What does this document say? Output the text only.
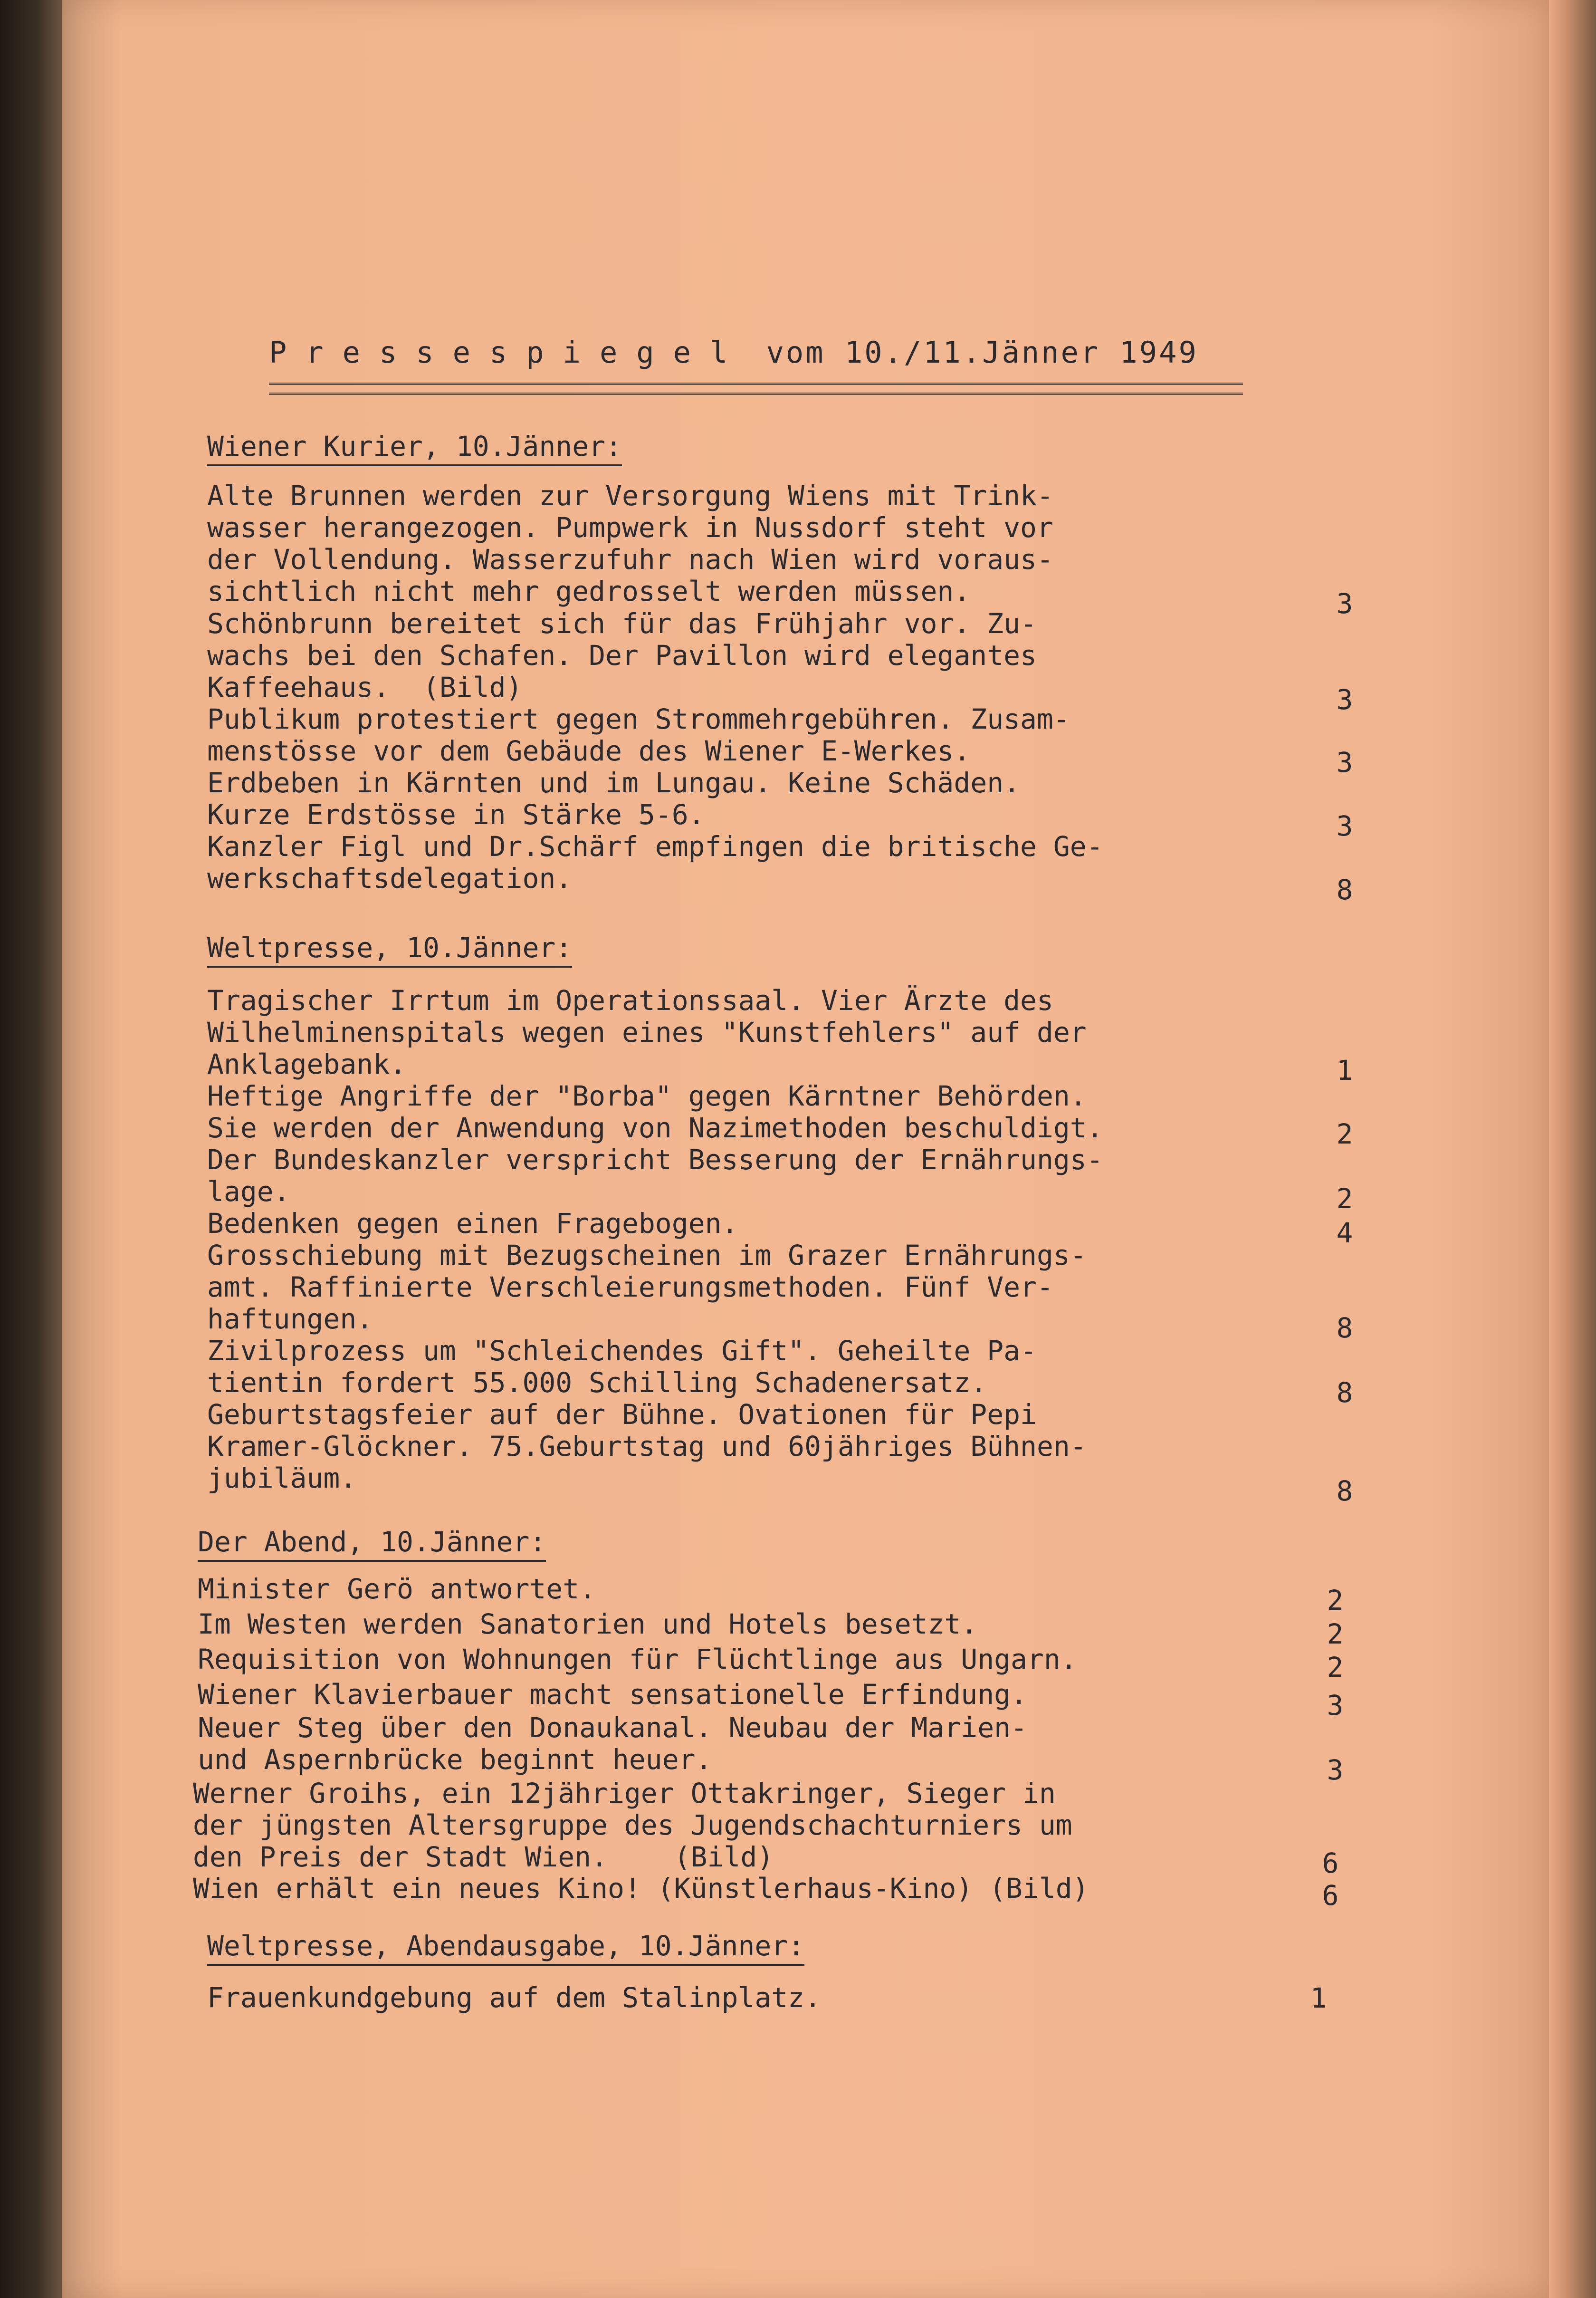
Pressespiegel vom 10./11.Jänner 1949
Wiener Kurier, 10.Jänner:
Alte Brunnen werden zur Versorgung Wiens mit Trink-
wasser herangezogen. Pumpwerk in Nussdorf steht vor
der Vollendung. Wasserzufuhr nach Wien wird voraus-
sichtlich nicht mehr gedrosselt werden müssen.	3
Schönbrunn bereitet sich für das Frühjahr vor. Zu-
wachs bei den Schafen. Der Pavillon wird elegantes
Kaffeehaus.  (Bild)	3
Publikum protestiert gegen Strommehrgebühren. Zusam-
menstösse vor dem Gebäude des Wiener E-Werkes.	3
Erdbeben in Kärnten und im Lungau. Keine Schäden.
Kurze Erdstösse in Stärke 5-6.	3
Kanzler Figl und Dr.Schärf empfingen die britische Ge-
werkschaftsdelegation.	8
Weltpresse, 10.Jänner:
Tragischer Irrtum im Operationssaal. Vier Ärzte des
Wilhelminenspitals wegen eines "Kunstfehlers" auf der
Anklagebank.	1
Heftige Angriffe der "Borba" gegen Kärntner Behörden.
Sie werden der Anwendung von Nazimethoden beschuldigt.	2
Der Bundeskanzler verspricht Besserung der Ernährungs-
lage.	2
Bedenken gegen einen Fragebogen.	4
Grosschiebung mit Bezugscheinen im Grazer Ernährungs-
amt. Raffinierte Verschleierungsmethoden. Fünf Ver-
haftungen.	8
Zivilprozess um "Schleichendes Gift". Geheilte Pa-
tientin fordert 55.000 Schilling Schadenersatz.	8
Geburtstagsfeier auf der Bühne. Ovationen für Pepi
Kramer-Glöckner. 75.Geburtstag und 60jähriges Bühnen-
jubiläum.	8
Der Abend, 10.Jänner:
Minister Gerö antwortet.	2
Im Westen werden Sanatorien und Hotels besetzt.	2
Requisition von Wohnungen für Flüchtlinge aus Ungarn.	2
Wiener Klavierbauer macht sensationelle Erfindung.	3
Neuer Steg über den Donaukanal. Neubau der Marien-
und Aspernbrücke beginnt heuer.	3
Werner Groihs, ein 12jähriger Ottakringer, Sieger in
der jüngsten Altersgruppe des Jugendschachturniers um
den Preis der Stadt Wien.    (Bild)	6
Wien erhält ein neues Kino! (Künstlerhaus-Kino) (Bild)	6
Weltpresse, Abendausgabe, 10.Jänner:
Frauenkundgebung auf dem Stalinplatz.	1
